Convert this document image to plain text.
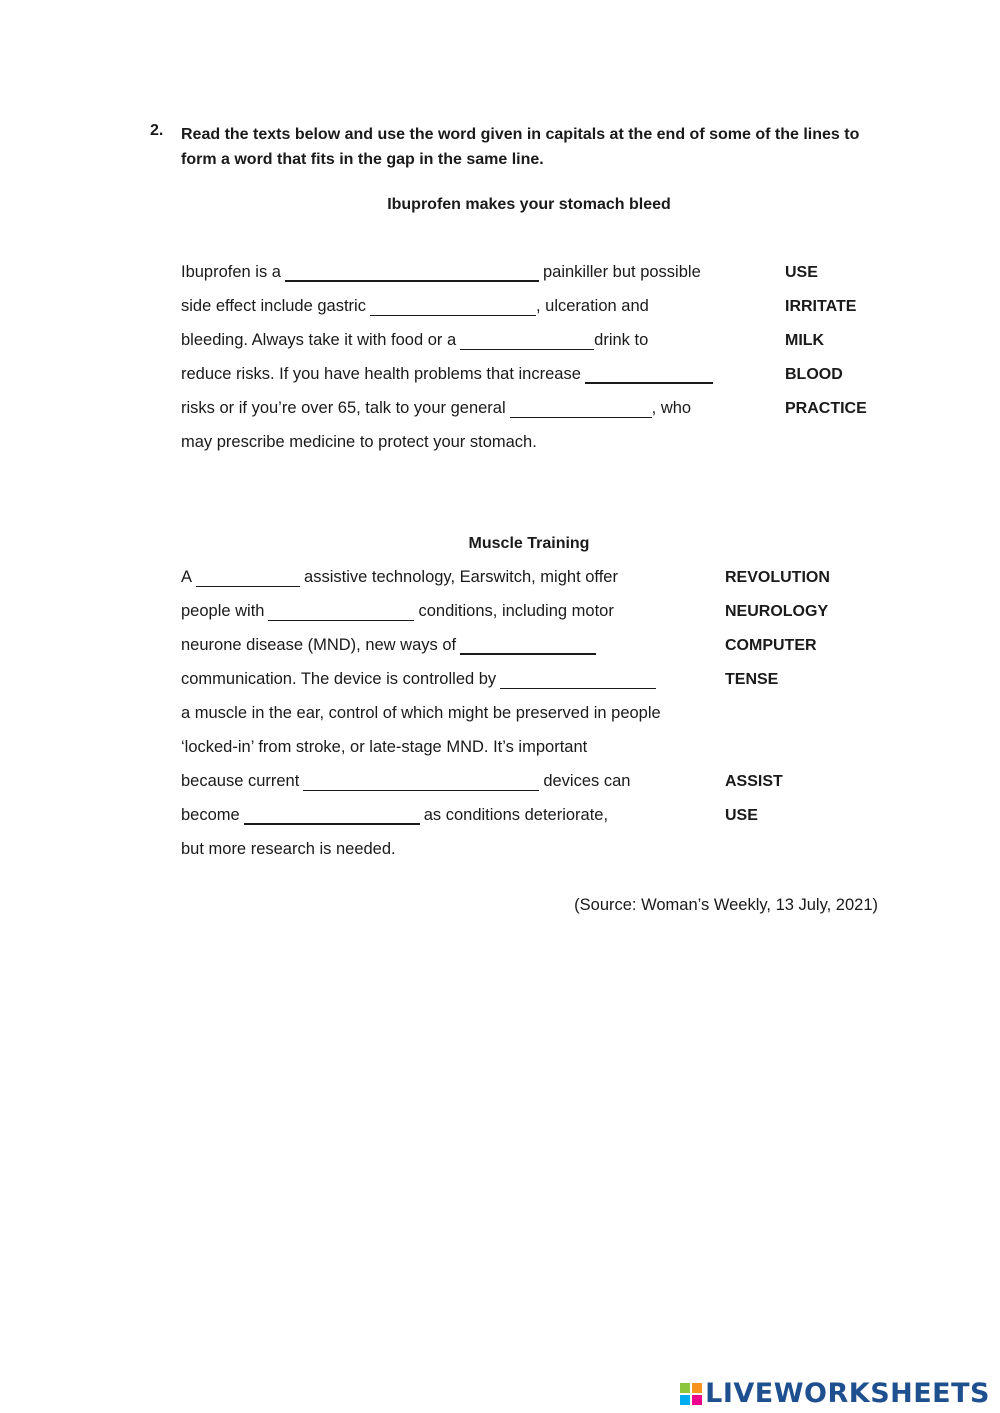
2. Read the texts below and use the word given in capitals at the end of some of the lines to form a word that fits in the gap in the same line.
Ibuprofen makes your stomach bleed
Ibuprofen is a	painkiller but possible	USE
side effect include gastric	, ulceration and	IRRITATE
bleeding. Always take it with food or a	drink to	MILK
reduce risks. If you have health problems that increase	BLOOD
risks or if you’re over 65, talk to your general	, who	PRACTICE
may prescribe medicine to protect your stomach.
Muscle Training
A	assistive technology, Earswitch, might offer	REVOLUTION
people with	conditions, including motor	NEUROLOGY
neurone disease (MND), new ways of	COMPUTER
communication. The device is controlled by	TENSE
a muscle in the ear, control of which might be preserved in people
‘locked-in’ from stroke, or late-stage MND. It’s important
because current	devices can	ASSIST
become	as conditions deteriorate,	USE
but more research is needed.
(Source: Woman’s Weekly, 13 July, 2021)
LIVEWORKSHEETS
